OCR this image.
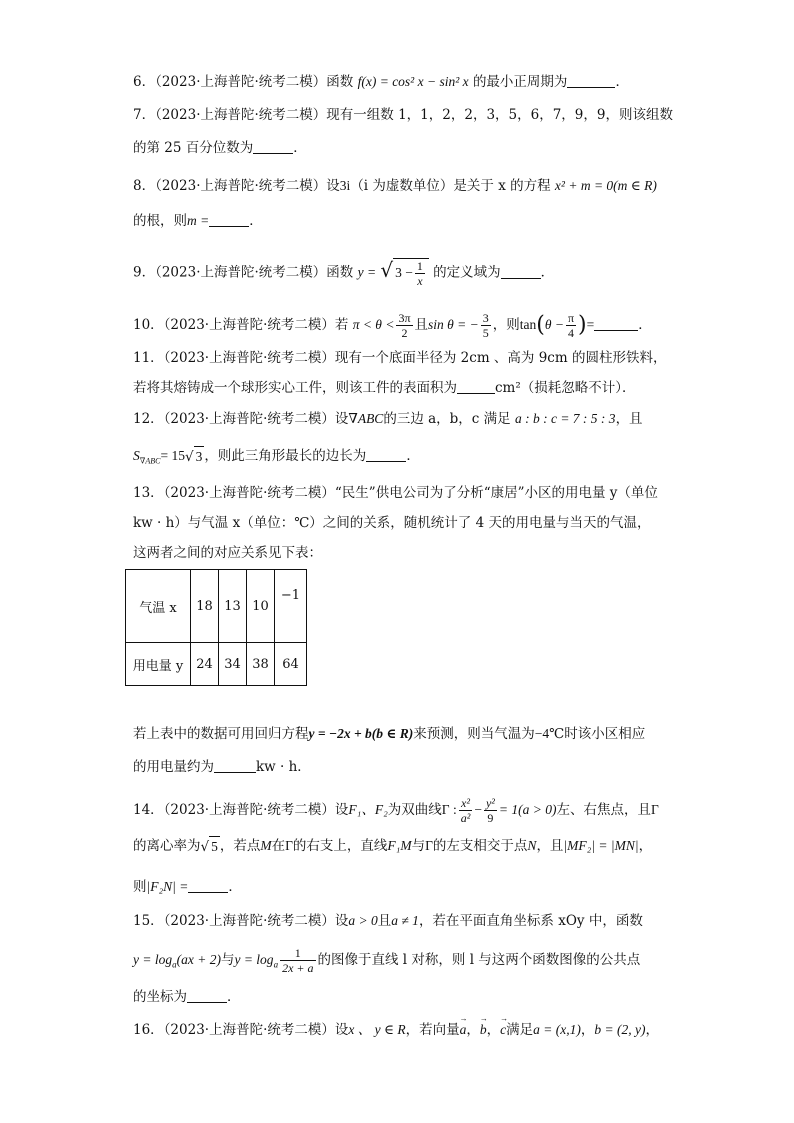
6．（2023·上海普陀·统考二模）函数 f(x) = cos² x − sin² x 的最小正周期为	．
7．（2023·上海普陀·统考二模）现有一组数 1，1，2，2，3，5，6，7，9，9，则该组数
的第 25 百分位数为	．
8．（2023·上海普陀·统考二模）设3i（i 为虚数单位）是关于 x 的方程 x² + m = 0(m ∈ R)
的根，则m =	．
9．（2023·上海普陀·统考二模）函数 y = √ $3 - \frac{1}{x}$ 的定义域为	．
10．（2023·上海普陀·统考二模）若 $\pi < \theta < \frac{3\pi}{2}$ 且sin θ = − $\frac{3}{5}$ ，则$\tan(\theta - \frac{\pi}{4}$ )=	．
11．（2023·上海普陀·统考二模）现有一个底面半径为 2cm 、高为 9cm 的圆柱形铁料，
若将其熔铸成一个球形实心工件，则该工件的表面积为	cm²（损耗忽略不计）．
12．（2023·上海普陀·统考二模）设∇ABC的三边 a，b，c 满足 a : b : c = 7 : 5 : 3，且
$S_{\nabla ABC}= 15√$ 3 ，则此三角形最长的边长为	．
13．（2023·上海普陀·统考二模）“民生”供电公司为了分析“康居”小区的用电量 y（单位
kw · h）与气温 x（单位：℃）之间的关系，随机统计了 4 天的用电量与当天的气温，
这两者之间的对应关系见下表：
气温 x	18	13	10	−1
用电量 y	24	34	38	64
若上表中的数据可用回归方程y = −2x + b(b ∈ R)来预测，则当气温为−4℃时该小区相应
的用电量约为	kw · h．
14．（2023·上海普陀·统考二模）设F₁、F₂为双曲线Γ : $\frac{\text{x²}}{\text{a²}} - \frac{\text{y²}}{9} = 1(a > 0)$左、右焦点，且Γ
的离心率为√ 5 ，若点M在Γ的右支上，直线F₁M与Γ的左支相交于点N，且|MF₂| = |MN|，
则|F₂N| =	．
15．（2023·上海普陀·统考二模）设a > 0且a ≠ 1，若在平面直角坐标系 xOy 中，函数
$y = \log_a(ax + 2)$与$y = \log_a \frac{1}{2x + a}$ 的图像于直线 l 对称，则 l 与这两个函数图像的公共点
的坐标为	．
16．（2023·上海普陀·统考二模）设x 、 y ∈ R，若向量→ a，→ b，→ c满足a = (x,1)，b = (2, y)，
